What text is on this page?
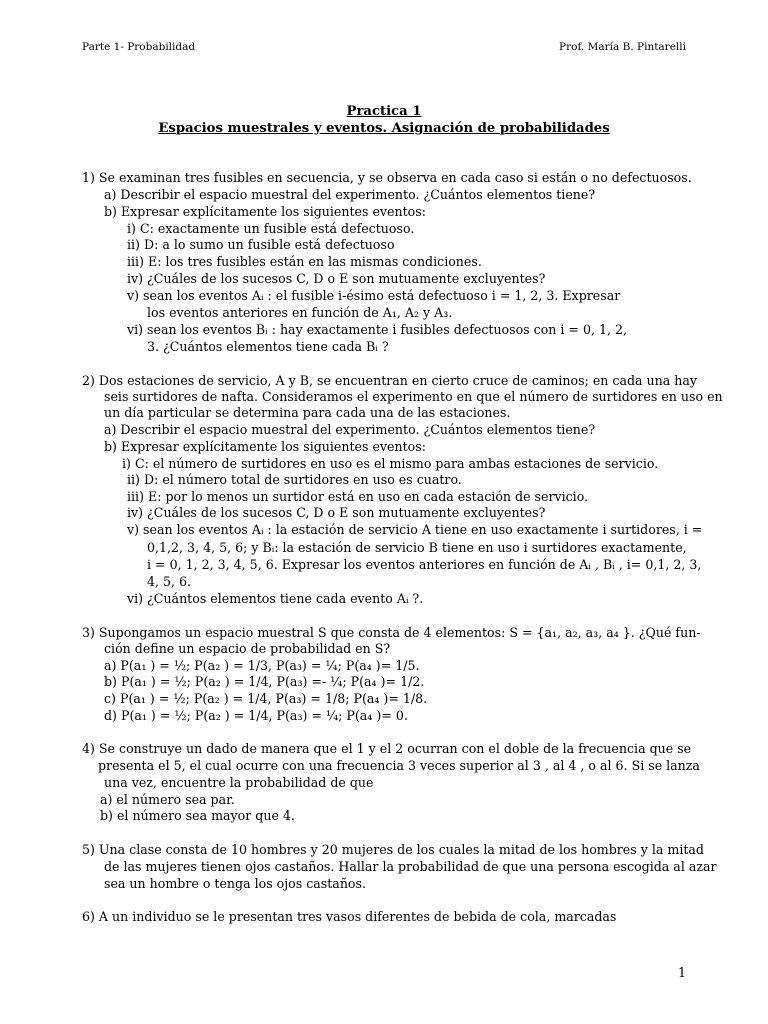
Parte 1- Probabilidad	Prof. María B. Pintarelli
Practica 1
Espacios muestrales y eventos. Asignación de probabilidades
1) Se examinan tres fusibles en secuencia, y se observa en cada caso si están o no defectuosos.
a) Describir el espacio muestral del experimento. ¿Cuántos elementos tiene?
b) Expresar explícitamente los siguientes eventos:
i) C: exactamente un fusible está defectuoso.
ii) D: a lo sumo un fusible está defectuoso
iii) E: los tres fusibles están en las mismas condiciones.
iv) ¿Cuáles de los sucesos C, D o E son mutuamente excluyentes?
v) sean los eventos Aᵢ : el fusible i-ésimo está defectuoso i = 1, 2, 3. Expresar
los eventos anteriores en función de A₁, A₂ y A₃.
vi) sean los eventos Bᵢ : hay exactamente i fusibles defectuosos con i = 0, 1, 2,
3. ¿Cuántos elementos tiene cada Bᵢ ?
2) Dos estaciones de servicio, A y B, se encuentran en cierto cruce de caminos; en cada una hay
seis surtidores de nafta. Consideramos el experimento en que el número de surtidores en uso en
un día particular se determina para cada una de las estaciones.
a) Describir el espacio muestral del experimento. ¿Cuántos elementos tiene?
b) Expresar explícitamente los siguientes eventos:
i) C: el número de surtidores en uso es el mismo para ambas estaciones de servicio.
ii) D: el número total de surtidores en uso es cuatro.
iii) E: por lo menos un surtidor está en uso en cada estación de servicio.
iv) ¿Cuáles de los sucesos C, D o E son mutuamente excluyentes?
v) sean los eventos Aᵢ : la estación de servicio A tiene en uso exactamente i surtidores, i =
0,1,2, 3, 4, 5, 6; y Bᵢ: la estación de servicio B tiene en uso i surtidores exactamente,
i = 0, 1, 2, 3, 4, 5, 6. Expresar los eventos anteriores en función de Aᵢ , Bᵢ , i= 0,1, 2, 3,
4, 5, 6.
vi) ¿Cuántos elementos tiene cada evento Aᵢ ?.
3) Supongamos un espacio muestral S que consta de 4 elementos: S = {a₁, a₂, a₃, a₄ }. ¿Qué fun-
ción define un espacio de probabilidad en S?
a) P(a₁ ) = ½; P(a₂ ) = 1/3, P(a₃) = ¼; P(a₄ )= 1/5.
b) P(a₁ ) = ½; P(a₂ ) = 1/4, P(a₃) =- ¼; P(a₄ )= 1/2.
c) P(a₁ ) = ½; P(a₂ ) = 1/4, P(a₃) = 1/8; P(a₄ )= 1/8.
d) P(a₁ ) = ½; P(a₂ ) = 1/4, P(a₃) = ¼; P(a₄ )= 0.
4) Se construye un dado de manera que el 1 y el 2 ocurran con el doble de la frecuencia que se
presenta el 5, el cual ocurre con una frecuencia 3 veces superior al 3 , al 4 , o al 6. Si se lanza
una vez, encuentre la probabilidad de que
a) el número sea par.
b) el número sea mayor que 4.
5) Una clase consta de 10 hombres y 20 mujeres de los cuales la mitad de los hombres y la mitad
de las mujeres tienen ojos castaños. Hallar la probabilidad de que una persona escogida al azar
sea un hombre o tenga los ojos castaños.
6) A un individuo se le presentan tres vasos diferentes de bebida de cola, marcadas
1
